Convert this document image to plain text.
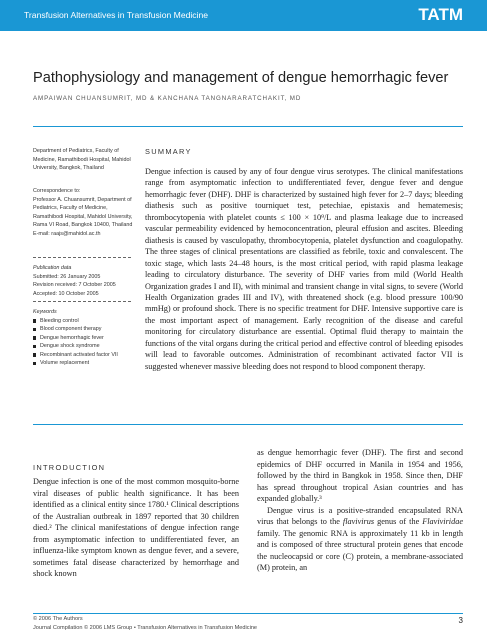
Transfusion Alternatives in Transfusion Medicine	TATM
Pathophysiology and management of dengue hemorrhagic fever
AMPAIWAN CHUANSUMRIT, MD & KANCHANA TANGNARARATCHAKIT, MD
Department of Pediatrics, Faculty of Medicine, Ramathibodi Hospital, Mahidol University, Bangkok, Thailand
Correspondence to:
Professor A. Chuansumrit, Department of Pediatrics, Faculty of Medicine, Ramathibodi Hospital, Mahidol University, Rama VI Road, Bangkok 10400, Thailand
E-mail: raajs@mahidol.ac.th
Publication data
Submitted: 26 January 2005
Revision received: 7 October 2005
Accepted: 10 October 2005
Keywords
Bleeding control
Blood component therapy
Dengue hemorrhagic fever
Dengue shock syndrome
Recombinant activated factor VII
Volume replacement
SUMMARY

Dengue infection is caused by any of four dengue virus serotypes. The clinical manifestations range from asymptomatic infection to undifferentiated fever, dengue fever and dengue hemorrhagic fever (DHF). DHF is characterized by sustained high fever for 2–7 days; bleeding diathesis such as positive tourniquet test, petechiae, epistaxis and hematemesis; thrombocytopenia with platelet counts ≤ 100 × 10⁹/L and plasma leakage due to increased vascular permeability evidenced by hemoconcentration, pleural effusion and ascites. Bleeding diathesis is caused by vasculopathy, thrombocytopenia, platelet dysfunction and coagulopathy. The three stages of clinical presentations are classified as febrile, toxic and convalescent. The toxic stage, which lasts 24–48 hours, is the most critical period, with rapid plasma leakage leading to circulatory disturbance. The severity of DHF varies from mild (World Health Organization grades I and II), with minimal and transient change in vital signs, to severe (World Health Organization grades III and IV), with threatened shock (e.g. blood pressure 100/90 mmHg) or profound shock. There is no specific treatment for DHF. Intensive supportive care is the most important aspect of management. Early recognition of the disease and careful monitoring for circulatory disturbance are essential. Optimal fluid therapy to maintain the functions of the vital organs during the critical period and effective control of bleeding episodes will lead to favorable outcomes. Administration of recombinant activated factor VII is suggested whenever massive bleeding does not respond to blood component therapy.

INTRODUCTION

Dengue infection is one of the most common mosquito-borne viral diseases of public health significance. It has been identified as a clinical entity since 1780.¹ Clinical descriptions of the Australian outbreak in 1897 reported that 30 children died.² The clinical manifestations of dengue infection range from asymptomatic infection to undifferentiated fever, an influenza-like symptom known as dengue fever, and a severe, sometimes fatal disease characterized by hemorrhage and shock known

as dengue hemorrhagic fever (DHF). The first and second epidemics of DHF occurred in Manila in 1954 and 1956, followed by the third in Bangkok in 1958. Since then, DHF has spread throughout tropical Asian countries and has expanded globally.³

Dengue virus is a positive-stranded encapsulated RNA virus that belongs to the flavivirus genus of the Flaviviridae family. The genomic RNA is approximately 11 kb in length and is composed of three structural protein genes that encode the nucleocapsid or core (C) protein, a membrane-associated (M) protein, an

© 2006 The Authors
Journal Compilation © 2006 LMS Group • Transfusion Alternatives in Transfusion Medicine
3
